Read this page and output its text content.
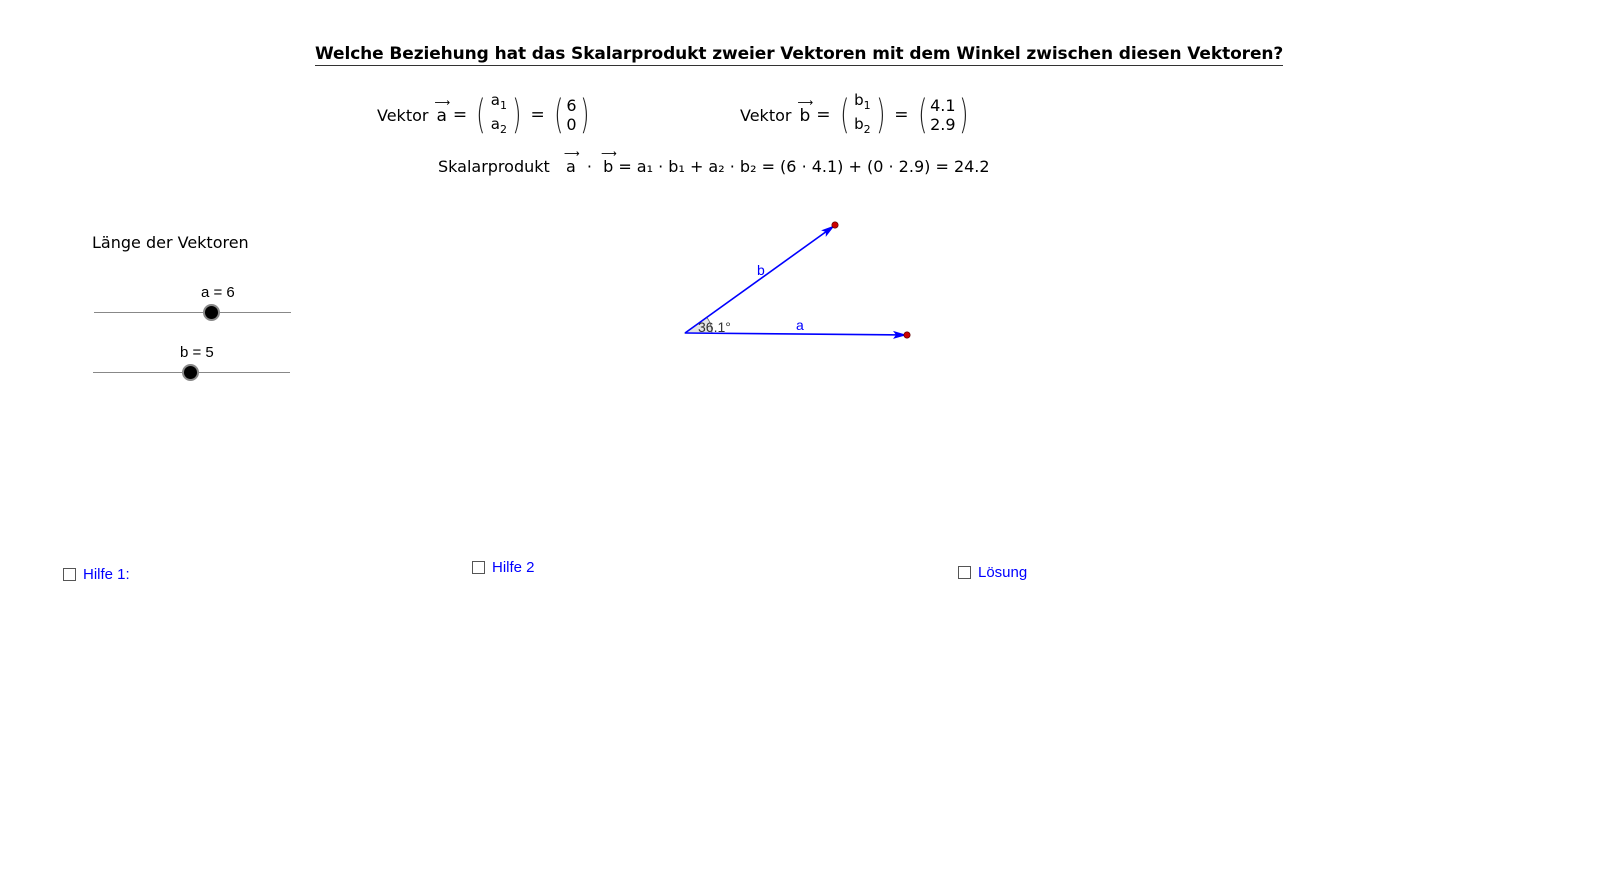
Welche Beziehung hat das Skalarprodukt zweier Vektoren mit dem Winkel zwischen diesen Vektoren?
Vektor
⟶
a = ( $a_1$
$a_2$ ) = ( 6
0 )	Vektor
⟶
b = ( $b_1$
$b_2$ ) = ( 4.1
2.9 )
Skalarprodukt
⟶
a ·
⟶
b = a₁ · b₁ + a₂ · b₂ = (6 · 4.1) + (0 · 2.9) = 24.2
Länge der Vektoren
a = 6
b = 5
b
a
36.1°
Hilfe 1:	Hilfe 2	Lösung
